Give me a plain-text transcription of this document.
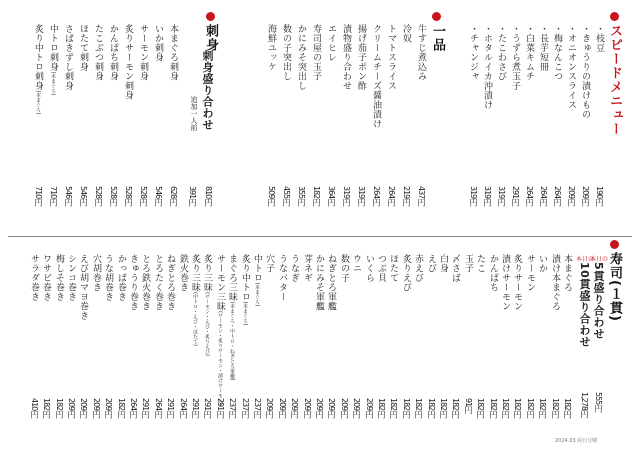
スピードメニュー
一品
刺身
刺身盛り合わせ
追加一人前
810円
391円
寿司(１貫)
2024.03 両日月曜
・枝豆
190円
・きゅうりの漬けもの
209円
・オニオンスライス
209円
・梅なんこつ
264円
・長芋短冊
264円
・白菜キムチ
264円
・うずら煮玉子
291円
・たこわさび
319円
・ホタルイカ沖漬け
319円
・チャンジャ
319円
牛すじ煮込み
437円
冷奴
219円
トマトスライス
264円
クリームチーズ醤油漬け
264円
揚げ茄子ポン酢
319円
漬物盛り合わせ
319円
エイヒレ
364円
寿司屋の玉子
182円
かにみそ突出し
355円
数の子突出し
455円
海鮮ユッケ
509円
本まぐろ刺身
628円
いか刺身
546円
サーモン刺身
528円
炙りサーモン刺身
528円
かんぱち刺身
528円
たこぶつ刺身
528円
ほたて刺身
546円
さばきずし刺身
546円
中トロ刺身(本まぐろ)
710円
炙り中トロ刺身(本まぐろ)
710円
本日の
5貫盛り合わせ
555円
本日の
10貫盛り合わせ
1,278円
本まぐろ
182円
漬け本まぐろ
182円
いか
182円
サーモン
182円
炙りサーモン
182円
漬けサーモン
182円
かんぱち
182円
たこ
182円
玉子
91円
〆さば
182円
白身
182円
えび
182円
赤えび
182円
炙りえび
182円
ほたて
182円
つぶ貝
182円
いくら
209円
ウニ
209円
数の子
209円
ねぎとろ軍艦
209円
かにみそ軍艦
209円
芽ネギ
209円
うなぎ
209円
うなバター
209円
穴子
209円
中トロ(本まぐろ)
237円
炙り中トロ(本まぐろ)
237円
まぐろ三昧(本まぐろ・中トロ・ねぎとろ軍艦)
237円
サーモン三昧(サーモン・炙りサーモン・漬けサーモン)
291円
炙り三昧(サーモン・えび・炙りえび)
291円
炙り三昧(中トロ・えび・ほたて)
291円
鉄火巻き
264円
ねぎとろ巻き
291円
とろたく巻き
264円
とろ鉄火巻き
291円
きゅうり巻き
264円
かっぱ巻き
182円
うな胡巻き
209円
穴胡巻き
209円
えび胡マヨ巻き
209円
シンコ巻き
209円
梅しそ巻き
182円
ワサビ巻き
182円
サラダ巻き
410円
